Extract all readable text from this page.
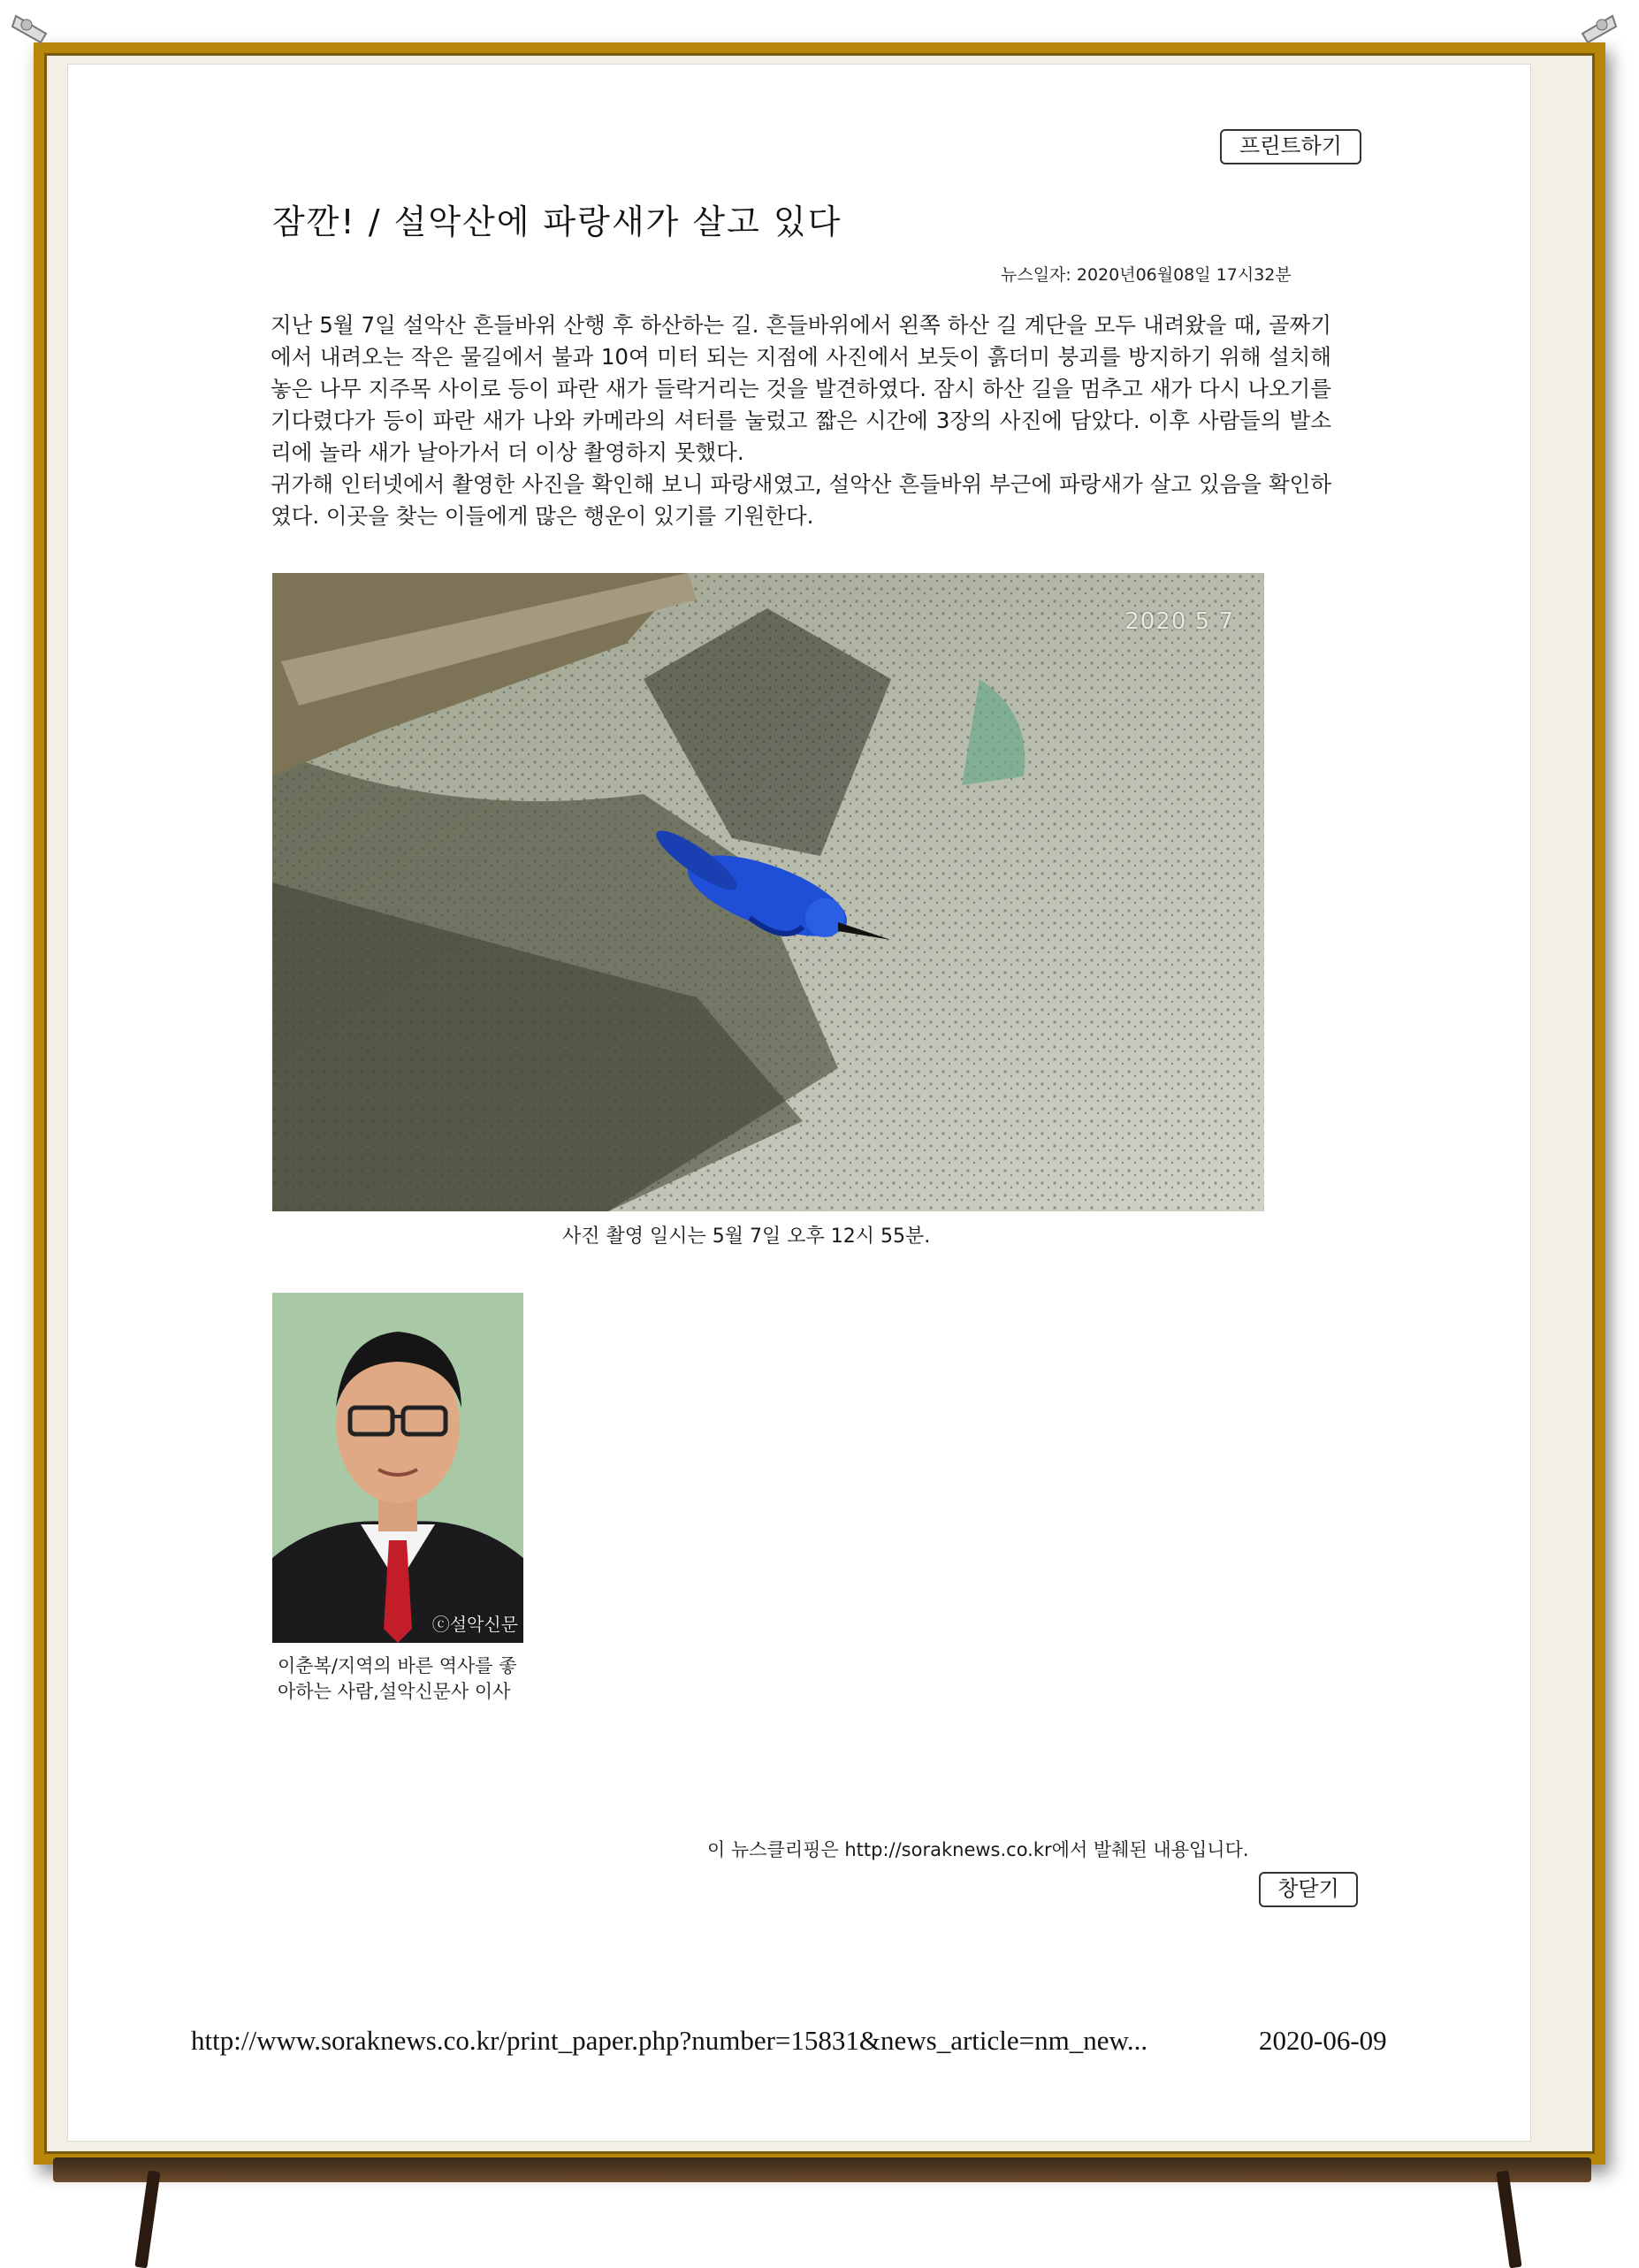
프린트하기
잠깐! / 설악산에 파랑새가 살고 있다
뉴스일자: 2020년06월08일 17시32분

지난 5월 7일 설악산 흔들바위 산행 후 하산하는 길. 흔들바위에서 왼쪽 하산 길 계단을 모두 내려왔을 때, 골짜기에서 내려오는 작은 물길에서 불과 10여 미터 되는 지점에 사진에서 보듯이 흙더미 붕괴를 방지하기 위해 설치해 놓은 나무 지주목 사이로 등이 파란 새가 들락거리는 것을 발견하였다. 잠시 하산 길을 멈추고 새가 다시 나오기를 기다렸다가 등이 파란 새가 나와 카메라의 셔터를 눌렀고 짧은 시간에 3장의 사진에 담았다. 이후 사람들의 발소리에 놀라 새가 날아가서 더 이상 촬영하지 못했다.

귀가해 인터넷에서 촬영한 사진을 확인해 보니 파랑새였고, 설악산 흔들바위 부근에 파랑새가 살고 있음을 확인하였다. 이곳을 찾는 이들에게 많은 행운이 있기를 기원한다.

2020 5 7
사진 촬영 일시는 5월 7일 오후 12시 55분.
ⓒ설악신문
이춘복/지역의 바른 역사를 좋아하는 사람,설악신문사 이사
이 뉴스클리핑은 http://soraknews.co.kr에서 발췌된 내용입니다.
창닫기
http://www.soraknews.co.kr/print_paper.php?number=15831&news_article=nm_new...	2020-06-09
